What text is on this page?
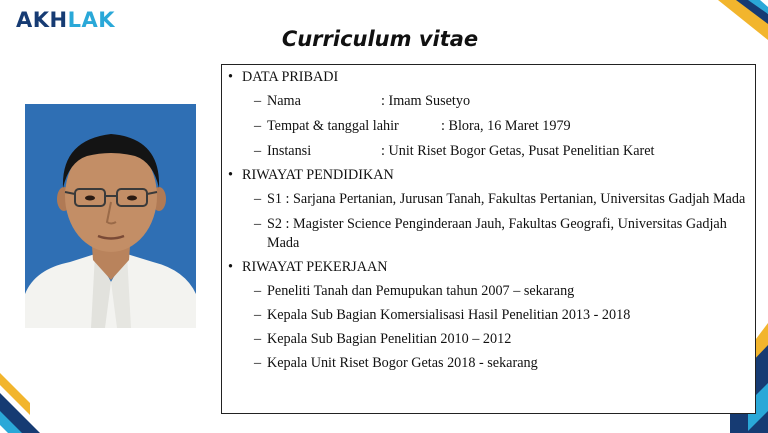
AKHLAK
Curriculum vitae
• DATA PRIBADI
– Nama	: Imam Susetyo
– Tempat & tanggal lahir	: Blora, 16 Maret 1979
– Instansi	: Unit Riset Bogor Getas, Pusat Penelitian Karet
• RIWAYAT PENDIDIKAN
– S1 : Sarjana Pertanian, Jurusan Tanah, Fakultas Pertanian, Universitas Gadjah Mada
– S2 : Magister Science Penginderaan Jauh, Fakultas Geografi, Universitas Gadjah Mada
• RIWAYAT PEKERJAAN
– Peneliti Tanah dan Pemupukan tahun 2007 – sekarang
– Kepala Sub Bagian Komersialisasi Hasil Penelitian 2013 - 2018
– Kepala Sub Bagian Penelitian 2010 – 2012
– Kepala Unit Riset Bogor Getas 2018 - sekarang
